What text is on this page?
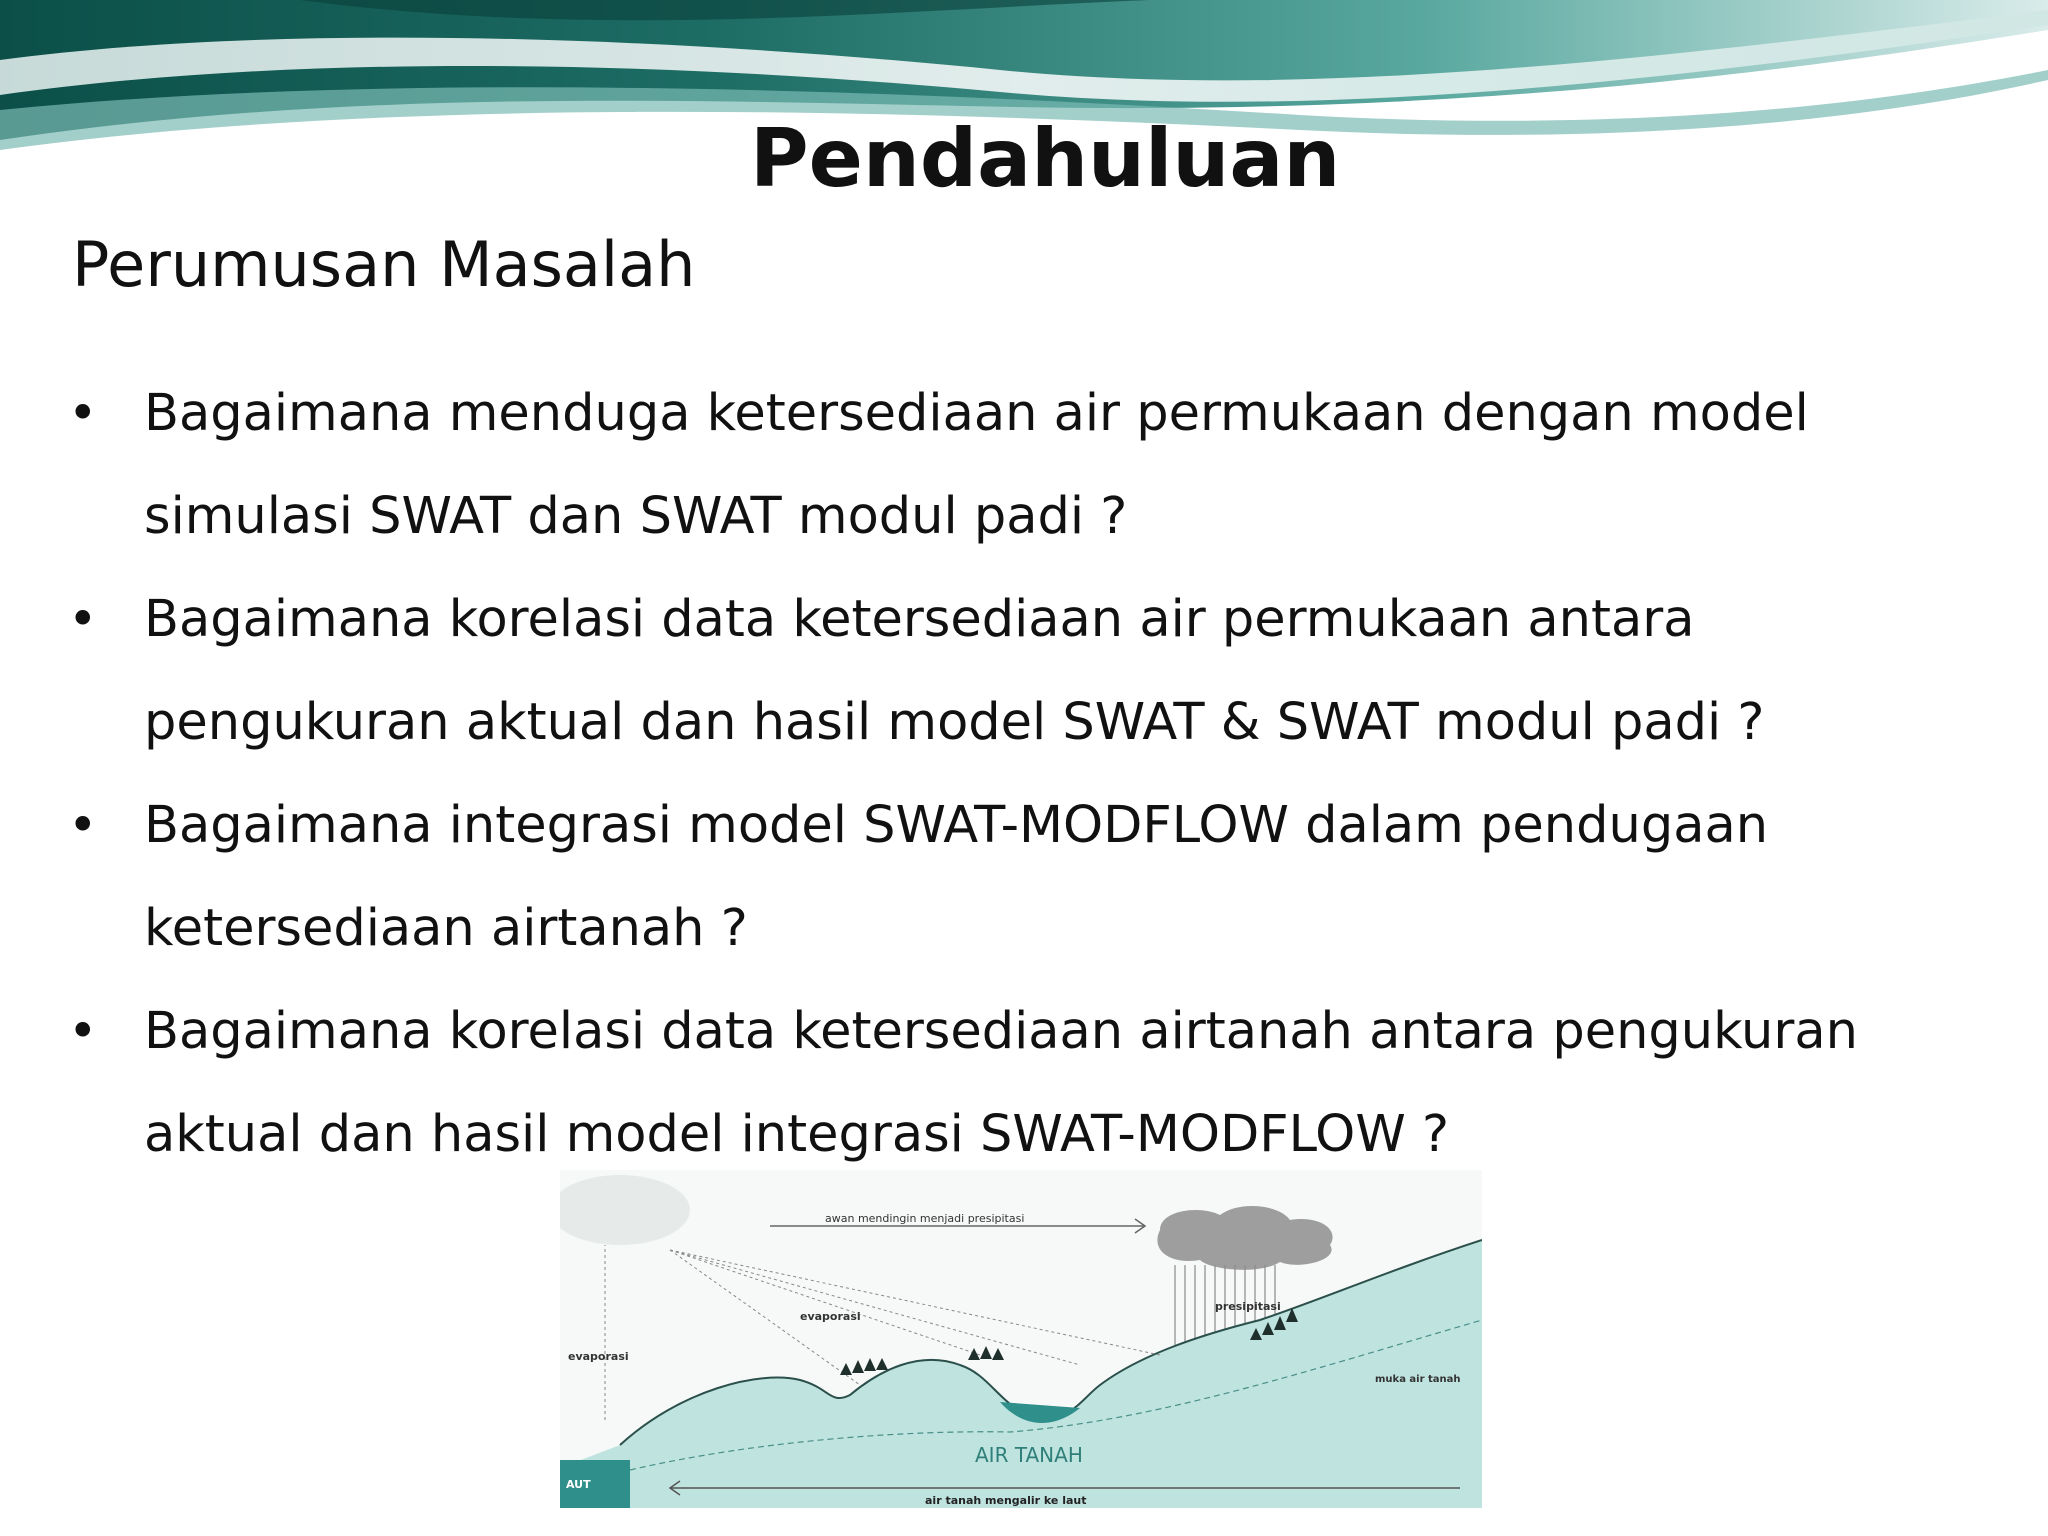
Pendahuluan
Perumusan Masalah
• Bagaimana menduga ketersediaan air permukaan dengan model simulasi SWAT dan SWAT modul padi ?
• Bagaimana korelasi data ketersediaan air permukaan antara pengukuran aktual dan hasil model SWAT & SWAT modul padi ?
• Bagaimana integrasi model SWAT-MODFLOW dalam pendugaan ketersediaan airtanah ?
• Bagaimana korelasi data ketersediaan airtanah antara pengukuran aktual dan hasil model integrasi SWAT-MODFLOW ?
awan mendingin menjadi presipitasi
evaporasi
evaporasi
presipitasi
muka air tanah
AIR TANAH
AUT
air tanah mengalir ke laut
